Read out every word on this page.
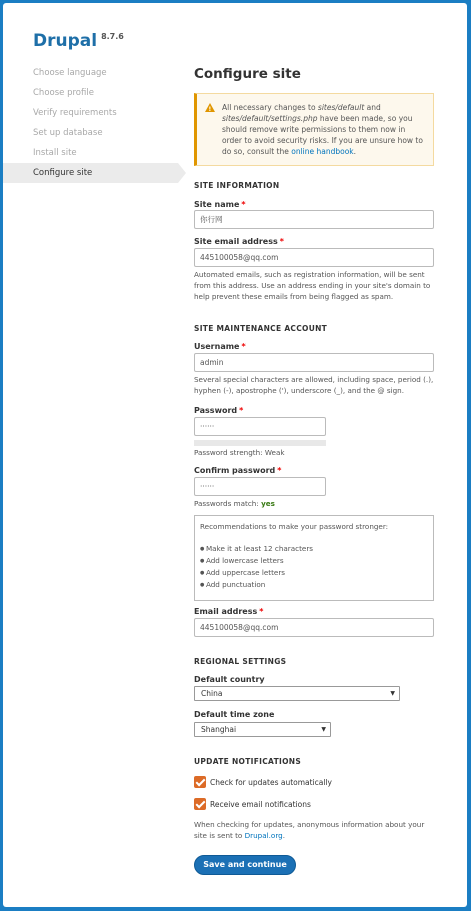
Drupal $^{8.7.6}$
Choose language
Choose profile
Verify requirements
Set up database
Install site
Configure site
Configure site
!
All necessary changes to sites/default and sites/default/settings.php have been made, so you should remove write permissions to them now in order to avoid security risks. If you are unsure how to do so, consult the online handbook.
SITE INFORMATION
Site name *
你行网
Site email address *
445100058@qq.com
Automated emails, such as registration information, will be sent from this address. Use an address ending in your site's domain to help prevent these emails from being flagged as spam.
SITE MAINTENANCE ACCOUNT
Username *
admin
Several special characters are allowed, including space, period (.), hyphen (-), apostrophe ('), underscore (_), and the @ sign.
Password *
······
Password strength: Weak
Confirm password *
······
Passwords match: yes
Recommendations to make your password stronger:
● Make it at least 12 characters
● Add lowercase letters
● Add uppercase letters
● Add punctuation
Email address *
445100058@qq.com
REGIONAL SETTINGS
Default country
China	▼
Default time zone
Shanghai	▼
UPDATE NOTIFICATIONS
Check for updates automatically
Receive email notifications
When checking for updates, anonymous information about your site is sent to Drupal.org.
Save and continue
